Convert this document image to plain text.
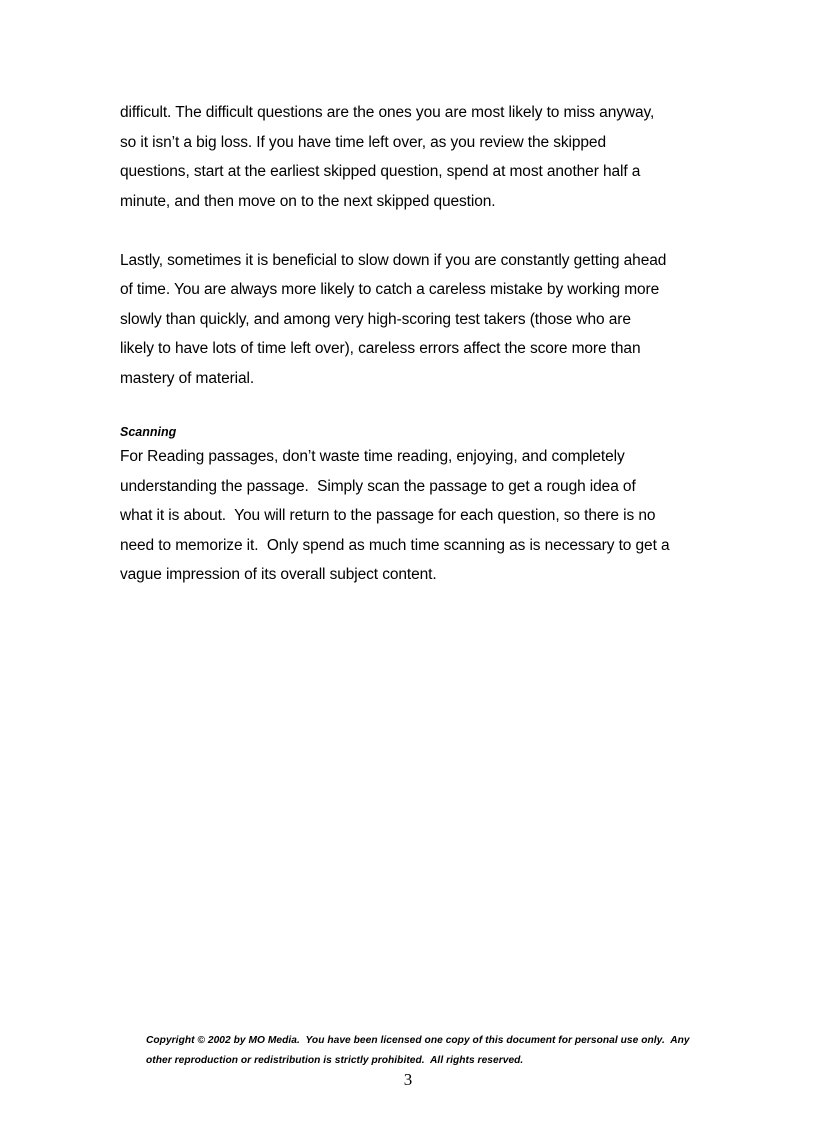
difficult. The difficult questions are the ones you are most likely to miss anyway,
so it isn’t a big loss. If you have time left over, as you review the skipped
questions, start at the earliest skipped question, spend at most another half a
minute, and then move on to the next skipped question.

Lastly, sometimes it is beneficial to slow down if you are constantly getting ahead
of time. You are always more likely to catch a careless mistake by working more
slowly than quickly, and among very high-scoring test takers (those who are
likely to have lots of time left over), careless errors affect the score more than
mastery of material.

Scanning

For Reading passages, don’t waste time reading, enjoying, and completely
understanding the passage.  Simply scan the passage to get a rough idea of
what it is about.  You will return to the passage for each question, so there is no
need to memorize it.  Only spend as much time scanning as is necessary to get a
vague impression of its overall subject content.

Copyright © 2002 by MO Media.  You have been licensed one copy of this document for personal use only.  Any
other reproduction or redistribution is strictly prohibited.  All rights reserved.
3
